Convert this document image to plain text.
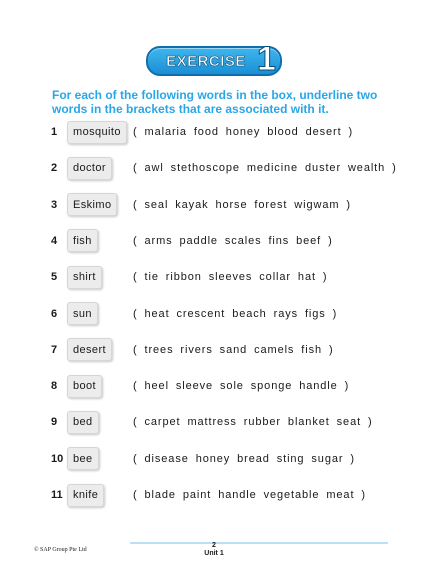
EXERCISE 1
For each of the following words in the box, underline two words in the brackets that are associated with it.
1	mosquito	( malaria food honey blood desert )
2	doctor	( awl stethoscope medicine duster wealth )
3	Eskimo	( seal kayak horse forest wigwam )
4	fish	( arms paddle scales fins beef )
5	shirt	( tie ribbon sleeves collar hat )
6	sun	( heat crescent beach rays figs )
7	desert	( trees rivers sand camels fish )
8	boot	( heel sleeve sole sponge handle )
9	bed	( carpet mattress rubber blanket seat )
10 bee	( disease honey bread sting sugar )
11 knife	( blade paint handle vegetable meat )
© SAP Group Pte Ltd
2
Unit 1
